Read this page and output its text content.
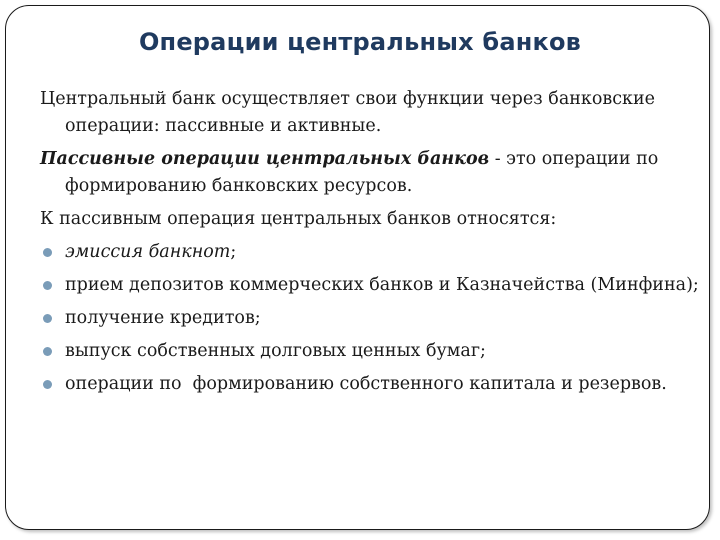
Операции центральных банков

Центральный банк осуществляет свои функции через банковские операции: пассивные и активные.

Пассивные операции центральных банков - это операции по формированию банковских ресурсов.

К пассивным операция центральных банков относятся:

эмиссия банкнот;
прием депозитов коммерческих банков и Казначейства (Минфина);
получение кредитов;
выпуск собственных долговых ценных бумаг;
операции по  формированию собственного капитала и резервов.
